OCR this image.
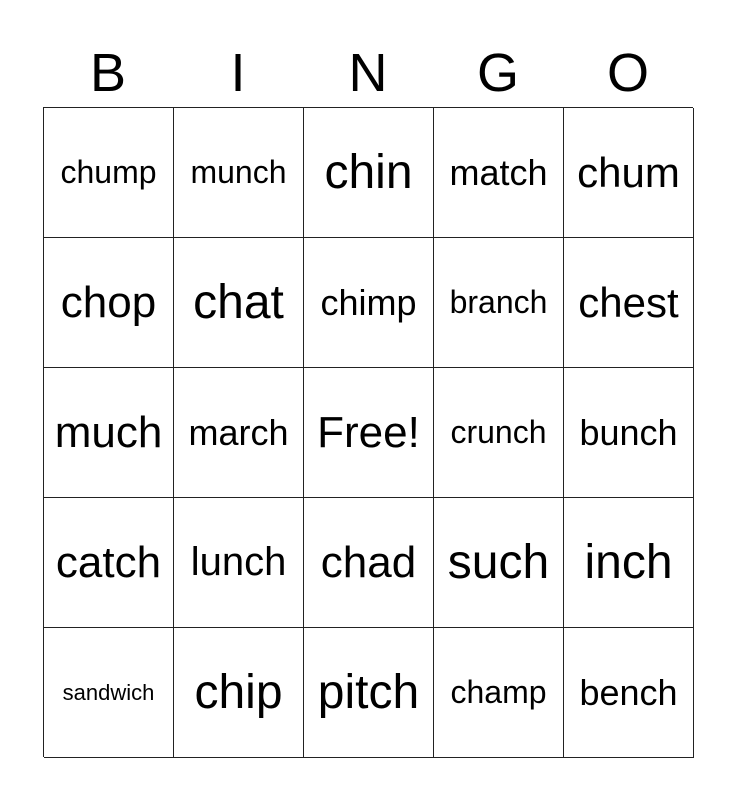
B	I	N	G	O
chump	munch chin	match chum
chop chat	chimp	branch chest
much march Free! crunch bunch
catch lunch chad such inch
sandwich chip pitch champ bench
